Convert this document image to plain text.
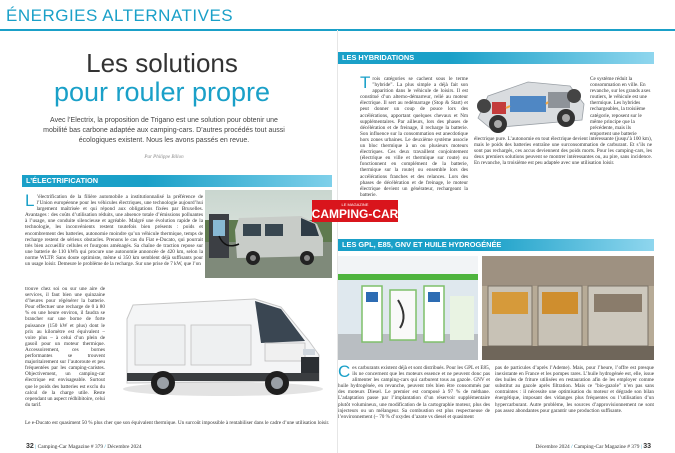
ÉNERGIES ALTERNATIVES
Les solutions
pour rouler propre

Avec l’Electrix, la proposition de Trigano est une solution pour obtenir une mobilité bas carbone adaptée aux camping-cars. D’autres procédés tout aussi écologiques existent. Nous les avons passés en revue.

Par Philippe Billon

L’ÉLECTRIFICATION
L ’électrification de la filière automobile a institutionnalisé la préférence de l’Union européenne pour les véhicules électriques, une technologie aujourd’hui largement maîtrisée et qui répond aux obligations fixées par Bruxelles. Avantages : des coûts d’utilisation réduits, une absence totale d’émissions polluantes à l’usage, une conduite silencieuse et agréable. Malgré une évolution rapide de la technologie, les inconvénients restent toutefois bien présents : poids et encombrement des batteries, autonomie moindre qu’un véhicule thermique, temps de recharge restent de sérieux obstacles. Prenons le cas du Fiat e-Ducato, qui pourrait très bien accueillir cellules et fourgons aménagés. Sa chaîne de traction repose sur une batterie de 110 kWh qui procure une autonomie annoncée de 420 km, selon la norme WLTP. Sans doute optimiste, même si 350 km semblent déjà suffisants pour un usage loisir. Demeure le problème de la recharge. Sur une prise de 7 kW, que l’on
trouve chez soi ou sur une aire de services, il faut bien une quinzaine d’heures pour régénérer la batterie. Pour effectuer une recharge de 0 à 80 % en une heure environ, il faudra se brancher sur une borne de forte puissance (150 kW et plus) dont le prix au kilomètre est équivalent – voire plus – à celui d’un plein de gasoil pour un moteur thermique. Accessoirement, ces bornes performantes se trouvent majoritairement sur l’autoroute et peu fréquentées par les camping-caristes. Objectivement, un camping-car électrique est envisageable. Surtout que le poids des batteries est exclu du calcul de la charge utile. Reste cependant un aspect rédhibitoire, celui du tarif.
Le e-Ducato est quasiment 50 % plus cher que son équivalent thermique. Un surcoût impossible à rentabiliser dans le cadre d’une utilisation loisir.
LES HYBRIDATIONS
Trois catégories se cachent sous le terme "hybride". La plus simple a déjà fait son apparition dans le véhicule de loisirs. Il est constitué d’un alterno-démarreur, relié au moteur électrique. Il sert au redémarrage (Stop & Start) et peut donner un coup de pouce lors des accélérations, apportant quelques chevaux et Nm supplémentaires. Par ailleurs, lors des phases de décélération et de freinage, il recharge la batterie. Son influence sur la consommation est anecdotique hors zones urbaines. Le deuxième système associe un bloc thermique à un ou plusieurs moteurs électriques. Ces deux travaillent conjointement (électrique en ville et thermique sur route) ou fonctionnent en complément de la batterie, thermique sur la route) ou ensemble lors des accélérations franches et des relances. Lors des phases de décélération et de freinage, le moteur électrique devient un générateur, rechargeant la batterie.
Ce système réduit la consommation en ville. En revanche, sur les grands axes routiers, le véhicule est une thermique. Les hybrides rechargeables, la troisième catégorie, reposent sur le même principe que la précédente, mais ils emportent une batterie
électrique pure. L’autonomie en tout électrique devient intéressante (jusqu’à 100 km), mais le poids des batteries entraîne une surconsommation de carburant. Et s’ils ne sont pas rechargés, ces accus deviennent des poids morts. Pour les camping-cars, les deux premiers solutions peuvent se montrer intéressantes ou, au pire, sans incidence. En revanche, la troisième est peu adaptée avec une utilisation loisir.
LE MAGAZINE
CAMPING-CAR
LES GPL, E85, GNV ET HUILE HYDROGÉNÉE
Ces carburants existent déjà et sont distribués. Pour les GPL et E85, ils ne concernent que les moteurs essence et ne peuvent donc pas alimenter les camping-cars qui carburent tous au gazole. GNV et huile hydrogénée, en revanche, peuvent très bien être consommés par des moteurs Diesel. Le premier est composé à 97 % de méthane. L’adaptation passe par l’implantation d’un réservoir supplémentaire plutôt volumineux, une modification de la cartographie moteur, plus des injecteurs ou un mélangeur. Sa combustion est plus respectueuse de l’environnement (– 70 % d’oxydes d’azote vs diesel et quasiment
pas de particules d’après l’Ademe). Mais, pour l’heure, l’offre est presque inexistante en France et les pompes rares. L’huile hydrogénée est, elle, issue des huiles de friture utilisées en restauration afin de les employer comme substitut au gazole après filtration. Mais ce "bio-gazole" n’en pas sans contraintes : il nécessite une optimisation du moteur et dégrade son bilan énergétique, imposant des vidanges plus fréquentes ou l’utilisation d’un hypercarburant. Autre problème, les sources d’approvisionnement ne sont pas assez abondantes pour garantir une production suffisante.
32 | Camping-Car Magazine # 379 / Décembre 2024	Décembre 2024 / Camping-Car Magazine # 379 | 33
